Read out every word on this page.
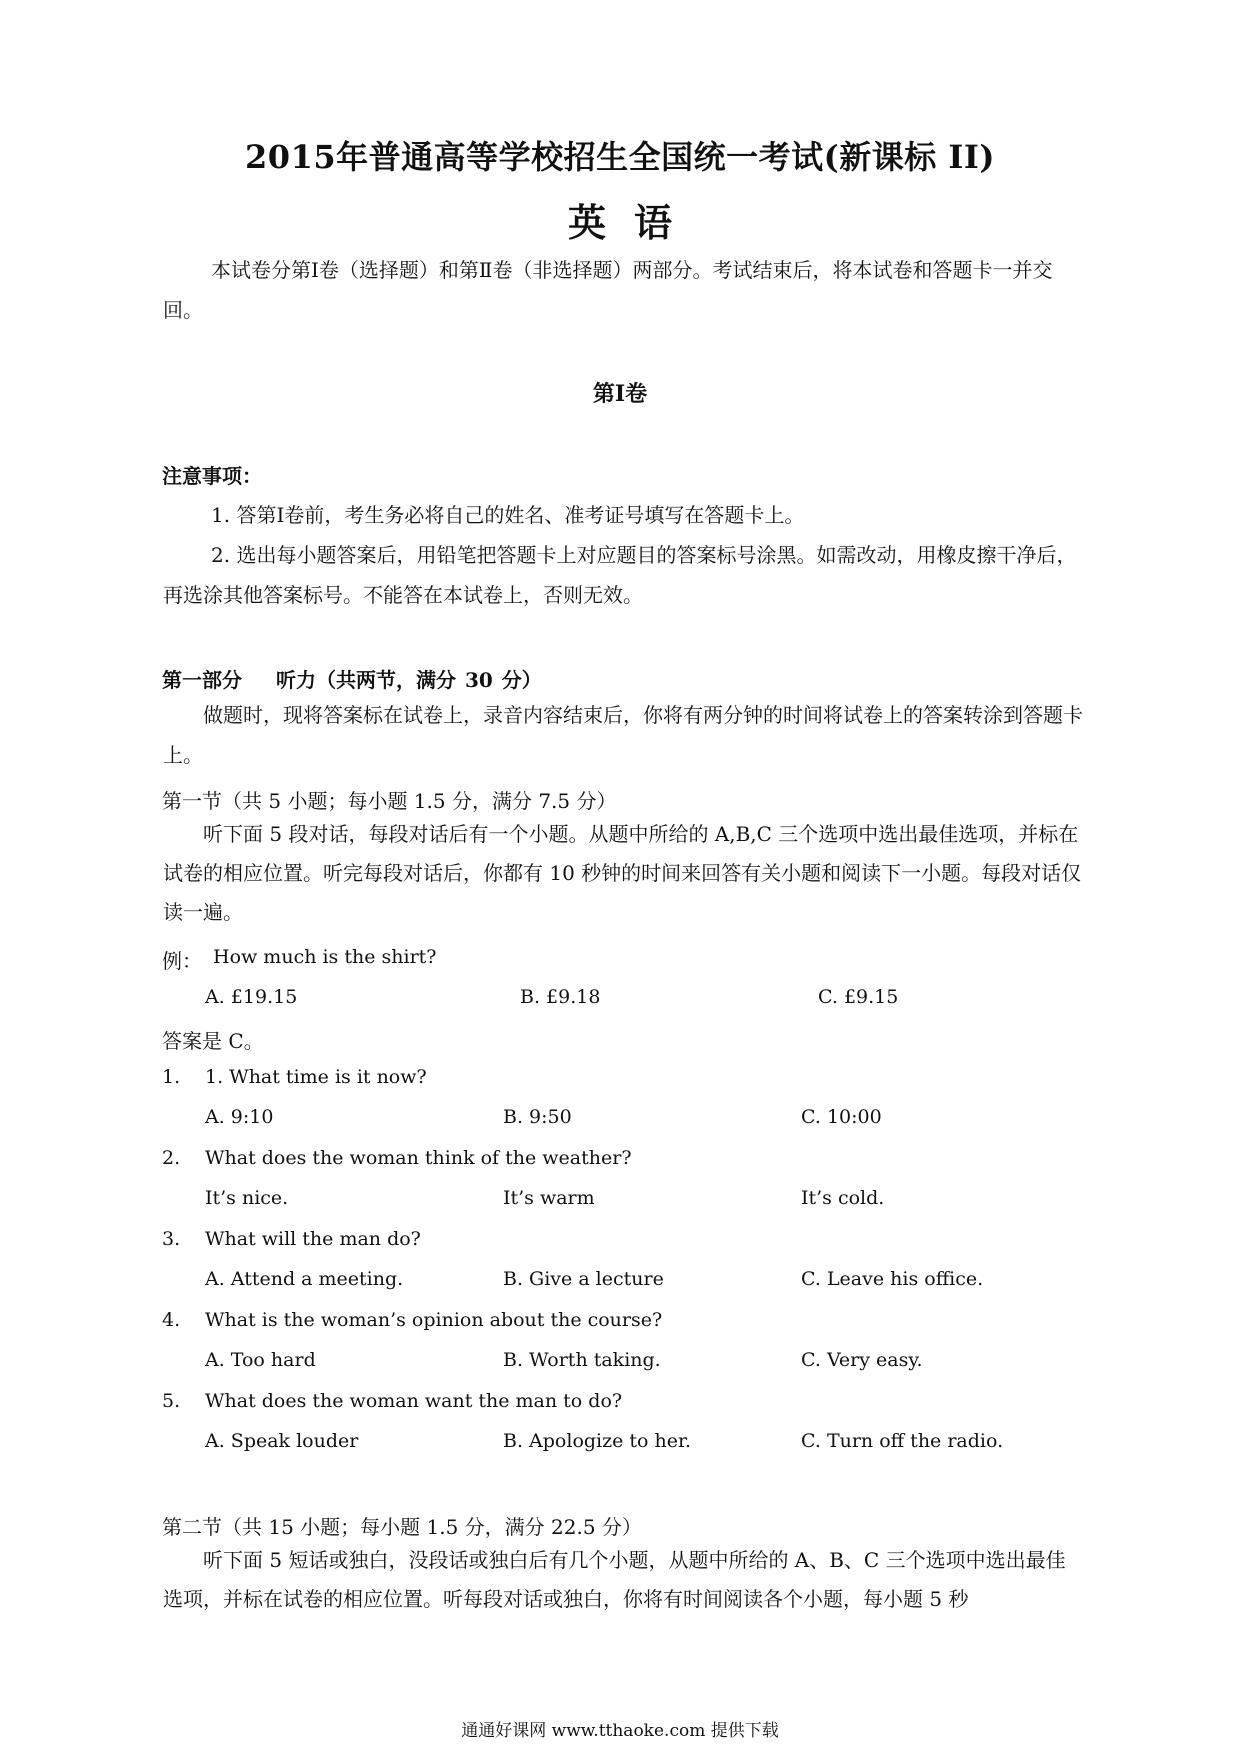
2015年普通高等学校招生全国统一考试(新课标 II)
英语
本试卷分第Ⅰ卷（选择题）和第Ⅱ卷（非选择题）两部分。考试结束后，将本试卷和答题卡一并交回。
第Ⅰ卷
注意事项：
1. 答第Ⅰ卷前，考生务必将自己的姓名、准考证号填写在答题卡上。
2. 选出每小题答案后，用铅笔把答题卡上对应题目的答案标号涂黑。如需改动，用橡皮擦干净后，再选涂其他答案标号。不能答在本试卷上，否则无效。
第一部分 听力（共两节，满分 30 分）
做题时，现将答案标在试卷上，录音内容结束后，你将有两分钟的时间将试卷上的答案转涂到答题卡上。
第一节（共 5 小题；每小题 1.5 分，满分 7.5 分）
听下面 5 段对话，每段对话后有一个小题。从题中所给的 A,B,C 三个选项中选出最佳选项，并标在试卷的相应位置。听完每段对话后，你都有 10 秒钟的时间来回答有关小题和阅读下一小题。每段对话仅读一遍。
例： How much is the shirt?
A. £19.15	B. £9.18	C. £9.15
答案是 C。
1. 1. What time is it now?
A. 9:10	B. 9:50	C. 10:00
2. What does the woman think of the weather?
It’s nice.	It’s warm	It’s cold.
3. What will the man do?
A. Attend a meeting.	B. Give a lecture	C. Leave his office.
4. What is the woman’s opinion about the course?
A. Too hard	B. Worth taking.	C. Very easy.
5. What does the woman want the man to do?
A. Speak louder	B. Apologize to her.	C. Turn off the radio.
第二节（共 15 小题；每小题 1.5 分，满分 22.5 分）
听下面 5 短话或独白，没段话或独白后有几个小题，从题中所给的 A、B、C 三个选项中选出最佳选项，并标在试卷的相应位置。听每段对话或独白，你将有时间阅读各个小题，每小题 5 秒
通通好课网 www.tthaoke.com 提供下载
